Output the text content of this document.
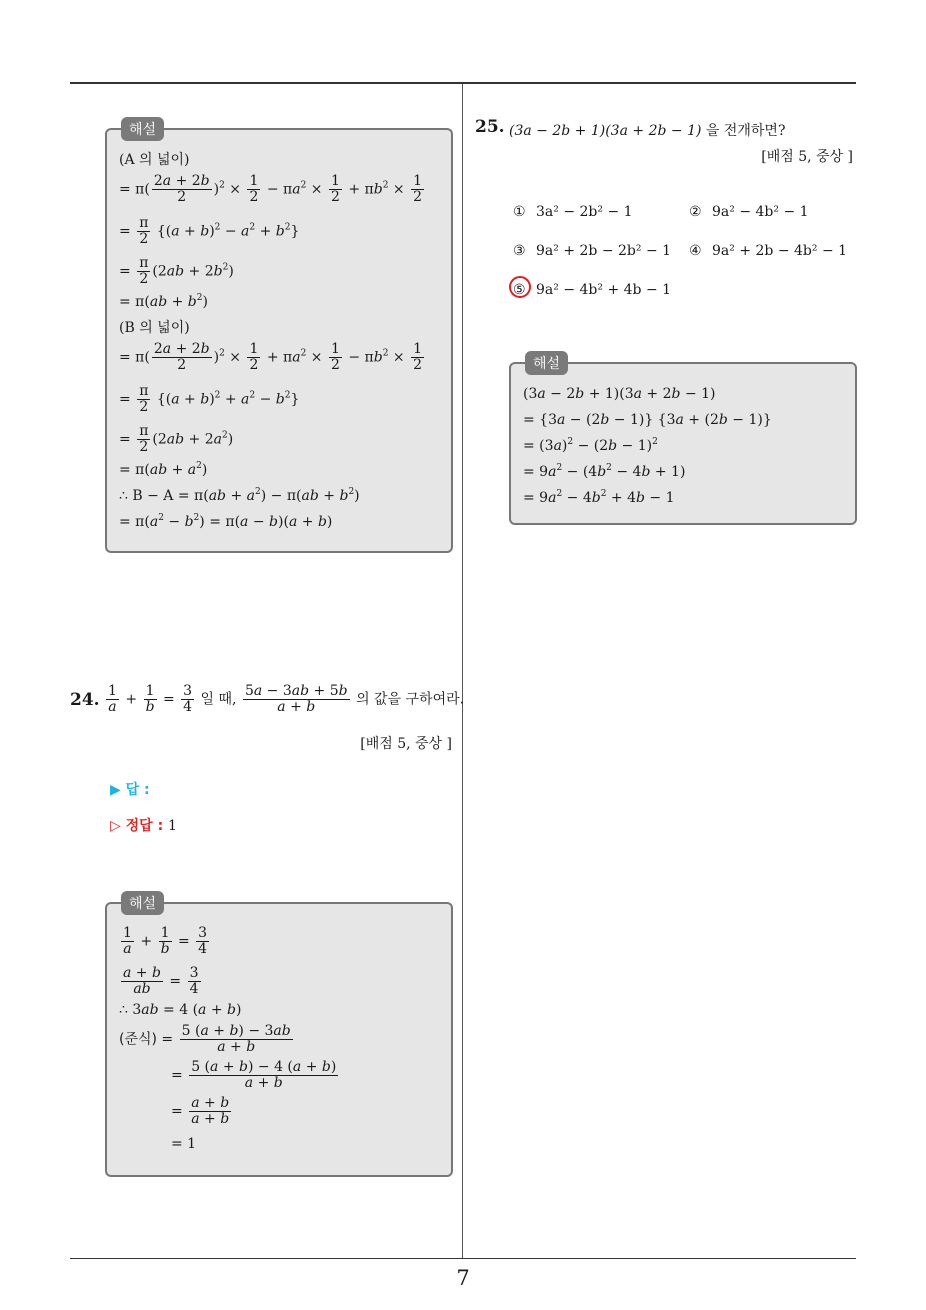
7
해설
(A 의 넓이)
= $\pi( \frac{2a + 2b}{2} )^2 \times \frac{1}{2} - \pi a^2 \times \frac{1}{2} + \pi b^2 \times \frac{1}{2}$
= $\frac{\pi}{2} \{(a + b)^2 - a^2 + b^2\}$
= $\frac{\pi}{2} (2ab + 2b^2)$
= $\pi(ab + b^2)$
(B 의 넓이)
= $\pi( \frac{2a + 2b}{2} )^2 \times \frac{1}{2} + \pi a^2 \times \frac{1}{2} - \pi b^2 \times \frac{1}{2}$
= $\frac{\pi}{2} \{(a + b)^2 + a^2 - b^2\}$
= $\frac{\pi}{2} (2ab + 2a^2)$
= $\pi(ab + a^2)$
∴ $B - A = \pi(ab + a^2) - \pi(ab + b^2)$
= $\pi(a^2 - b^2) = \pi(a - b)(a + b)$
24. $\frac{1}{a} + \frac{1}{b} = \frac{3}{4}$ 일 때, $\frac{5a - 3ab + 5b}{a + b}$ 의 값을 구하여라.
[배점 5, 중상 ]
▶ 답 :
▷ 정답 : 1
해설
$\frac{1}{a} + \frac{1}{b} = \frac{3}{4}$
$\frac{a + b}{ab} = \frac{3}{4}$
∴ 3ab = 4 (a + b)
(준식) = $\frac{5 (a + b) - 3ab}{a + b}$
= $\frac{5 (a + b) - 4 (a + b)}{a + b}$
= $\frac{a + b}{a + b}$
= 1
25. (3a − 2b + 1)(3a + 2b − 1) 을 전개하면?
[배점 5, 중상 ]
① 3a² − 2b² − 1	② 9a² − 4b² − 1
③ 9a² + 2b − 2b² − 1 ④ 9a² + 2b − 4b² − 1
⑤ 9a² − 4b² + 4b − 1
해설
(3a − 2b + 1)(3a + 2b − 1)
= {3a − (2b − 1)} {3a + (2b − 1)}
= $(3a)^2 - (2b - 1)^2$
= $9a^2 - (4b^2 - 4b + 1)$
= $9a^2 - 4b^2 + 4b - 1$
